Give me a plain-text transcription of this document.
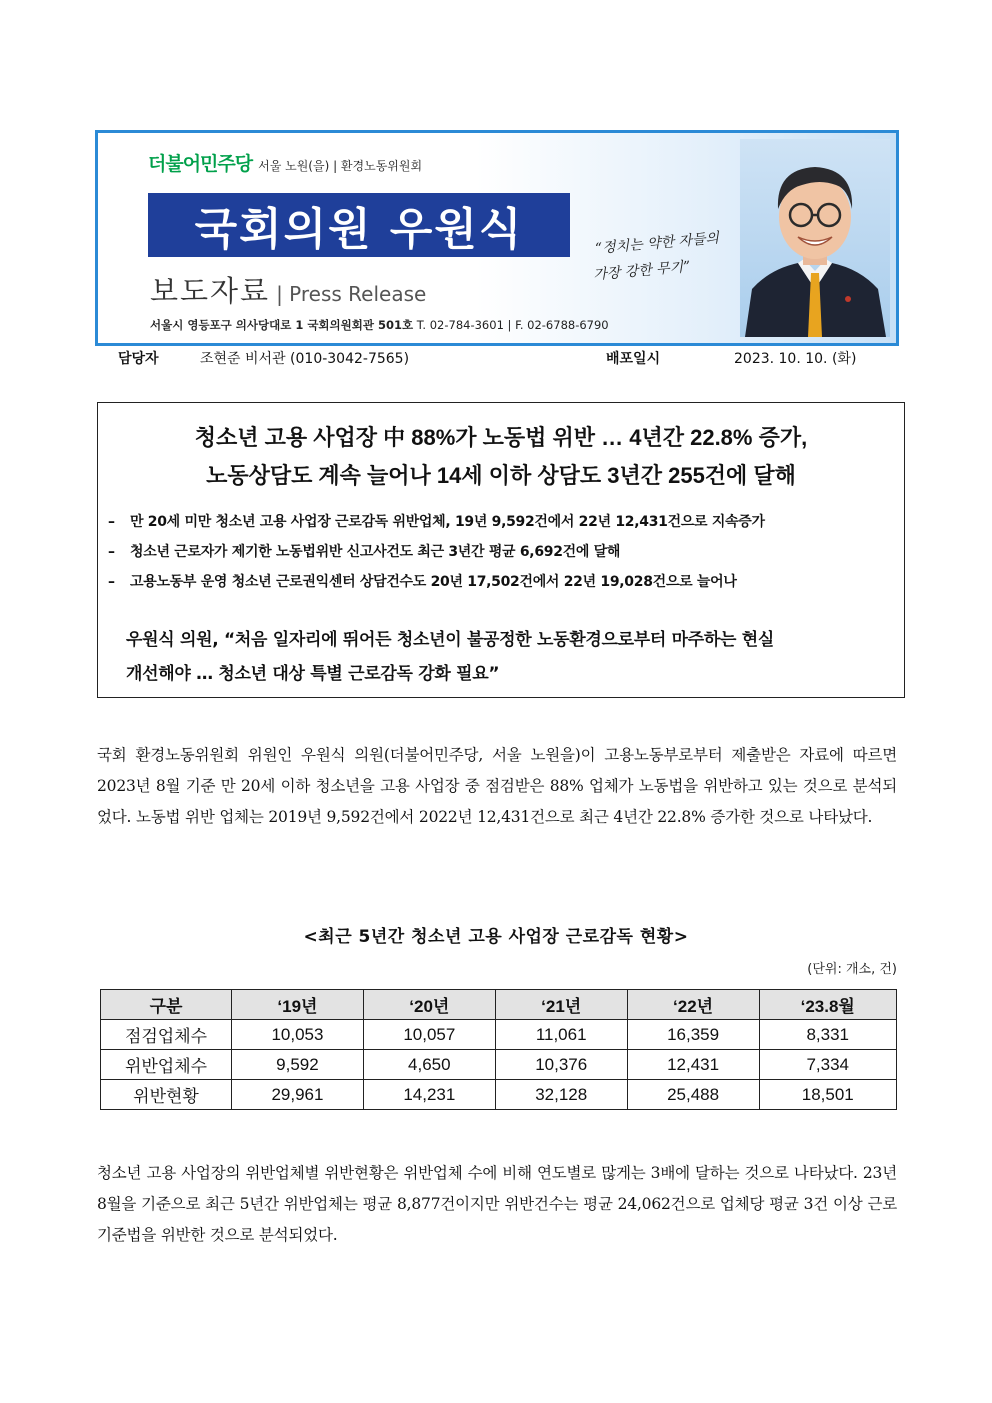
더불어민주당 서울 노원(을) | 환경노동위원회
국회의원 우원식
보도자료 | Press Release
서울시 영등포구 의사당대로 1 국회의원회관 501호 T. 02-784-3601 | F. 02-6788-6790
“정치는 약한 자들의
가장 강한 무기”
담당자	조현준 비서관 (010-3042-7565)	배포일시	2023. 10. 10. (화)
청소년 고용 사업장 中 88%가 노동법 위반 … 4년간 22.8% 증가,
노동상담도 계속 늘어나 14세 이하 상담도 3년간 255건에 달해
– 만 20세 미만 청소년 고용 사업장 근로감독 위반업체, 19년 9,592건에서 22년 12,431건으로 지속증가
– 청소년 근로자가 제기한 노동법위반 신고사건도 최근 3년간 평균 6,692건에 달해
– 고용노동부 운영 청소년 근로권익센터 상담건수도 20년 17,502건에서 22년 19,028건으로 늘어나
우원식 의원, “처음 일자리에 뛰어든 청소년이 불공정한 노동환경으로부터 마주하는 현실
개선해야 … 청소년 대상 특별 근로감독 강화 필요”
국회 환경노동위원회 위원인 우원식 의원(더불어민주당, 서울 노원을)이 고용노동부로부터 제출받은 자료에 따르면 2023년 8월 기준 만 20세 이하 청소년을 고용 사업장 중 점검받은 88% 업체가 노동법을 위반하고 있는 것으로 분석되었다. 노동법 위반 업체는 2019년 9,592건에서 2022년 12,431건으로 최근 4년간 22.8% 증가한 것으로 나타났다.
<최근 5년간 청소년 고용 사업장 근로감독 현황>
(단위: 개소, 건)
구분	‘19년	‘20년	‘21년	‘22년	‘23.8월
점검업체수	10,053	10,057	11,061	16,359	8,331
위반업체수	9,592	4,650	10,376	12,431	7,334
위반현황	29,961	14,231	32,128	25,488	18,501
청소년 고용 사업장의 위반업체별 위반현황은 위반업체 수에 비해 연도별로 많게는 3배에 달하는 것으로 나타났다. 23년 8월을 기준으로 최근 5년간 위반업체는 평균 8,877건이지만 위반건수는 평균 24,062건으로 업체당 평균 3건 이상 근로기준법을 위반한 것으로 분석되었다.
